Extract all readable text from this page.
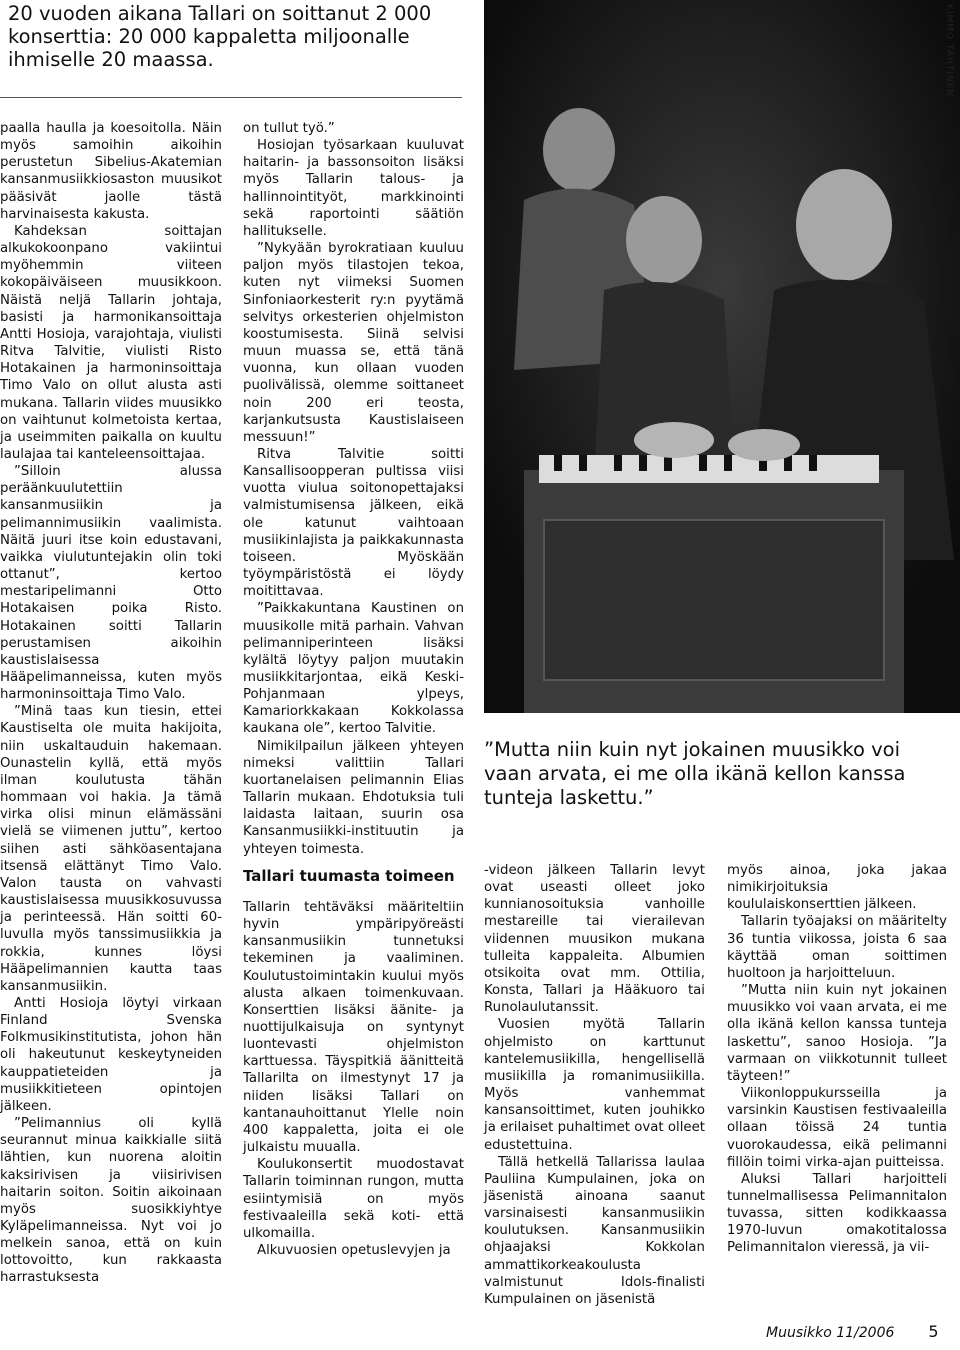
20 vuoden aikana Tallari on soittanut 2 000 konserttia: 20 000 kappaletta miljoonalle ihmiselle 20 maassa.

paalla haulla ja koesoitolla. Näin myös samoihin aikoihin perustetun Sibelius-Akatemian kansanmusiikkiosaston muusikot pääsivät jaolle tästä harvinaisesta kakusta.

Kahdeksan soittajan alkukokoonpano vakiintui myöhemmin viiteen kokopäiväiseen muusikkoon. Näistä neljä Tallarin johtaja, basisti ja harmonikansoittaja Antti Hosioja, varajohtaja, viulisti Ritva Talvitie, viulisti Risto Hotakainen ja harmoninsoittaja Timo Valo on ollut alusta asti mukana. Tallarin viides muusikko on vaihtunut kolmetoista kertaa, ja useimmiten paikalla on kuultu laulajaa tai kanteleensoittajaa.

”Silloin alussa peräänkuulutettiin kansanmusiikin ja pelimannimusiikin vaalimista. Näitä juuri itse koin edustavani, vaikka viulutuntejakin olin toki ottanut”, kertoo mestaripelimanni Otto Hotakaisen poika Risto. Hotakainen soitti Tallarin perustamisen aikoihin kaustislaisessa Hääpelimanneissa, kuten myös harmoninsoittaja Timo Valo.

”Minä taas kun tiesin, ettei Kaustiselta ole muita hakijoita, niin uskaltauduin hakemaan. Ounastelin kyllä, että myös ilman koulutusta tähän hommaan voi hakia. Ja tämä virka olisi minun elämässäni vielä se viimenen juttu”, kertoo siihen asti sähköasentajana itsensä elättänyt Timo Valo. Valon tausta on vahvasti kaustislaisessa muusikkosuvussa ja perinteessä. Hän soitti 60-luvulla myös tanssimusiikkia ja rokkia, kunnes löysi Hääpelimannien kautta taas kansanmusiikin.

Antti Hosioja löytyi virkaan Finland Svenska Folkmusikinstitutista, johon hän oli hakeutunut keskeytyneiden kauppatieteiden ja musiikkitieteen opintojen jälkeen.

”Pelimannius oli kyllä seurannut minua kaikkialle siitä lähtien, kun nuorena aloitin kaksirivisen ja viisirivisen haitarin soiton. Soitin aikoinaan myös suosikkiyhtye Kyläpelimanneissa. Nyt voi jo melkein sanoa, että on kuin lottovoitto, kun rakkaasta harrastuksesta

on tullut työ.”

Hosiojan työsarkaan kuuluvat haitarin- ja bassonsoiton lisäksi myös Tallarin talous- ja hallinnointityöt, markkinointi sekä raportointi säätiön hallitukselle.

”Nykyään byrokratiaan kuuluu paljon myös tilastojen tekoa, kuten nyt viimeksi Suomen Sinfoniaorkesterit ry:n pyytämä selvitys orkesterien ohjelmiston koostumisesta. Siinä selvisi muun muassa se, että tänä vuonna, kun ollaan vuoden puolivälissä, olemme soittaneet noin 200 eri teosta, karjankutsusta Kaustislaiseen messuun!”

Ritva Talvitie soitti Kansallisoopperan pultissa viisi vuotta viulua soitonopettajaksi valmistumisensa jälkeen, eikä ole katunut vaihtoaan musiikinlajista ja paikkakunnasta toiseen. Myöskään työympäristöstä ei löydy moitittavaa.

”Paikkakuntana Kaustinen on muusikolle mitä parhain. Vahvan pelimanniperinteen lisäksi kylältä löytyy paljon muutakin musiikkitarjontaa, eikä Keski-Pohjanmaan ylpeys, Kamariorkkakaan Kokkolassa kaukana ole”, kertoo Talvitie.

Nimikilpailun jälkeen yhteyen nimeksi valittiin Tallari kuortanelaisen pelimannin Elias Tallarin mukaan. Ehdotuksia tuli laidasta laitaan, suurin osa Kansanmusiikki-instituutin ja yhteyen toimesta.

Tallari tuumasta toimeen

Tallarin tehtäväksi määriteltiin hyvin ympäripyöreästi kansanmusiikin tunnetuksi tekeminen ja vaaliminen. Koulutustoimintakin kuului myös alusta alkaen toimenkuvaan. Konserttien lisäksi äänite- ja nuottijulkaisuja on syntynyt luontevasti ohjelmiston karttuessa. Täyspitkiä äänitteitä Tallarilta on ilmestynyt 17 ja niiden lisäksi Tallari on kantanauhoittanut Ylelle noin 400 kappaletta, joita ei ole julkaistu muualla.

Koulukonsertit muodostavat Tallarin toiminnan rungon, mutta esiintymisiä on myös festivaaleilla sekä koti- että ulkomailla.

Alkuvuosien opetuslevyjen ja

KIMMO TÄHTINEN
”Mutta niin kuin nyt jokainen muusikko voi vaan arvata, ei me olla ikänä kellon kanssa tunteja laskettu.”

-videon jälkeen Tallarin levyt ovat useasti olleet joko kunnianosoituksia vanhoille mestareille tai vierailevan viidennen muusikon mukana tulleita kappaleita. Albumien otsikoita ovat mm. Ottilia, Konsta, Tallari ja Hääkuoro tai Runolaulutanssit.

Vuosien myötä Tallarin ohjelmisto on karttunut kantelemusiikilla, hengellisellä musiikilla ja romanimusiikilla. Myös vanhemmat kansansoittimet, kuten jouhikko ja erilaiset puhaltimet ovat olleet edustettuina.

Tällä hetkellä Tallarissa laulaa Pauliina Kumpulainen, joka on jäsenistä ainoana saanut varsinaisesti kansanmusiikin koulutuksen. Kansanmusiikin ohjaajaksi Kokkolan ammattikorkeakoulusta valmistunut Idols-finalisti Kumpulainen on jäsenistä

myös ainoa, joka jakaa nimikirjoituksia koululaiskonserttien jälkeen.

Tallarin työajaksi on määritelty 36 tuntia viikossa, joista 6 saa käyttää oman soittimen huoltoon ja harjoitteluun.

”Mutta niin kuin nyt jokainen muusikko voi vaan arvata, ei me olla ikänä kellon kanssa tunteja laskettu”, sanoo Hosioja. ”Ja varmaan on viikkotunnit tulleet täyteen!”

Viikonloppukursseilla ja varsinkin Kaustisen festivaaleilla ollaan töissä 24 tuntia vuorokaudessa, eikä pelimanni fillöin toimi virka-ajan puitteissa.

Aluksi Tallari harjoitteli tunnelmallisessa Pelimannitalon tuvassa, sitten kodikkaassa 1970-luvun omakotitalossa Pelimannitalon vieressä, ja vii-

Muusikko 11/2006 5
